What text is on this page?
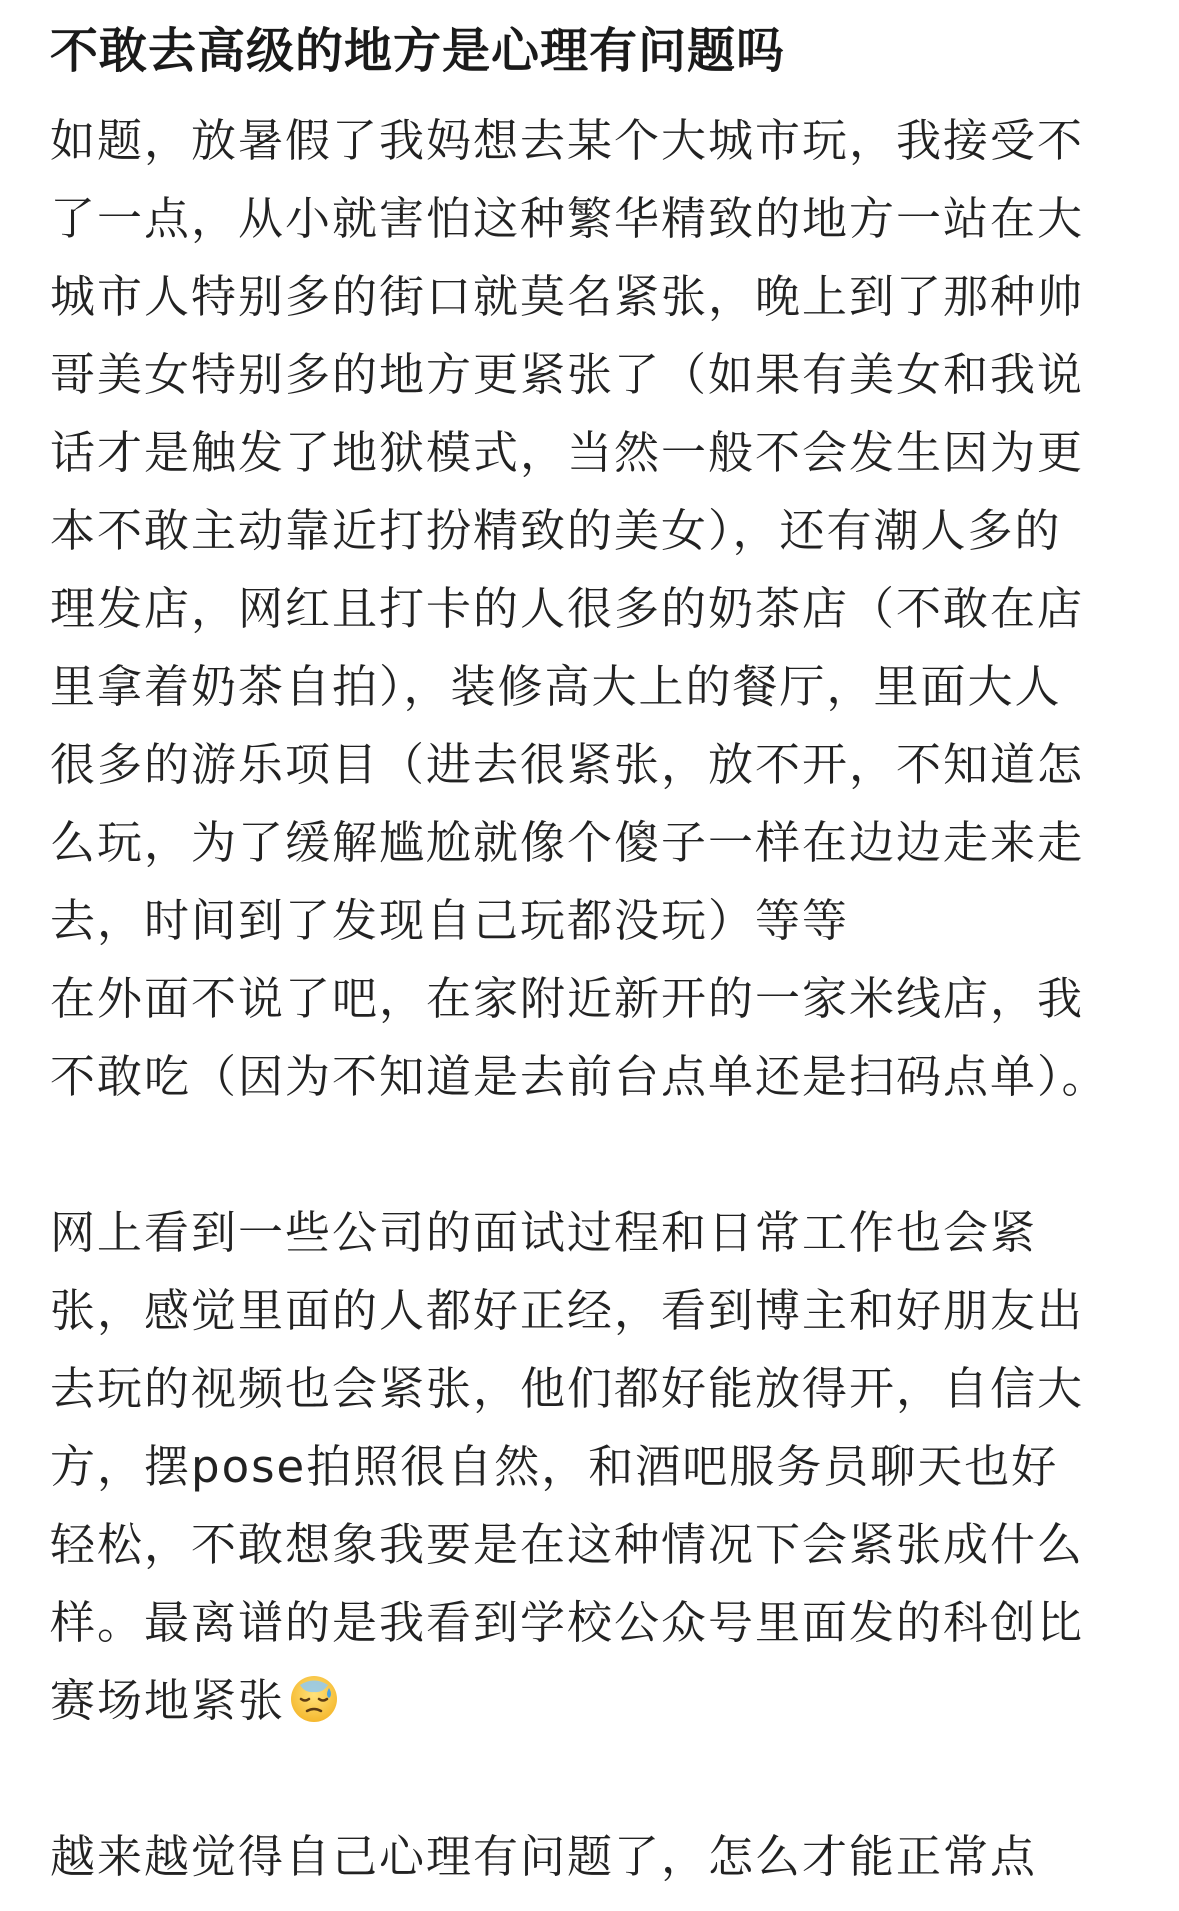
不敢去高级的地方是心理有问题吗

如题，放暑假了我妈想去某个大城市玩，我接受不
了一点，从小就害怕这种繁华精致的地方一站在大
城市人特别多的街口就莫名紧张，晚上到了那种帅
哥美女特别多的地方更紧张了（如果有美女和我说
话才是触发了地狱模式，当然一般不会发生因为更
本不敢主动靠近打扮精致的美女），还有潮人多的
理发店，网红且打卡的人很多的奶茶店（不敢在店
里拿着奶茶自拍），装修高大上的餐厅，里面大人
很多的游乐项目（进去很紧张，放不开，不知道怎
么玩，为了缓解尴尬就像个傻子一样在边边走来走
去，时间到了发现自己玩都没玩）等等
在外面不说了吧，在家附近新开的一家米线店，我
不敢吃（因为不知道是去前台点单还是扫码点单）。

网上看到一些公司的面试过程和日常工作也会紧
张，感觉里面的人都好正经，看到博主和好朋友出
去玩的视频也会紧张，他们都好能放得开，自信大
方，摆pose拍照很自然，和酒吧服务员聊天也好
轻松，不敢想象我要是在这种情况下会紧张成什么
样。最离谱的是我看到学校公众号里面发的科创比
赛场地紧张

越来越觉得自己心理有问题了，怎么才能正常点
